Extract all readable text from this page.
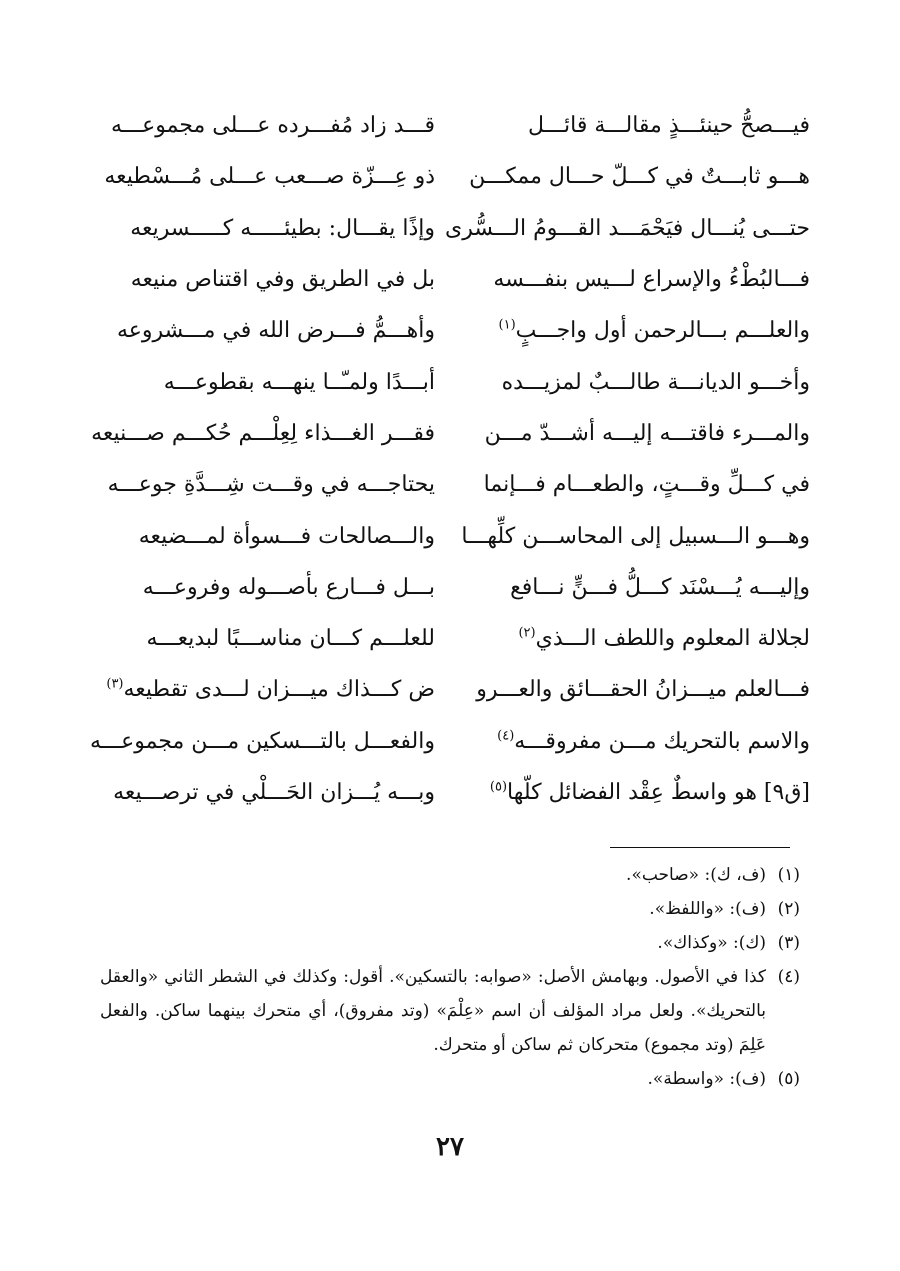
فيـــصحُّ حينئـــذٍ مقالـــة قائـــل
قـــد زاد مُفـــرده عـــلى مجموعـــه
هـــو ثابـــتٌ في كـــلّ حـــال ممكـــن
ذو عِـــزّة صـــعب عـــلى مُـــسْطيعه
حتـــى يُنـــال فيَحْمَـــد القـــومُ الـــسُّرى
وإذًا يقـــال: بطيئـــــه كـــــسريعه
فـــالبُطْءُ والإسراع لـــيس بنفـــسه
بل في الطريق وفي اقتناص منيعه
والعلـــم بـــالرحمن أول واجـــبٍ$^{(١)}$
وأهـــمُّ فـــرض الله في مـــشروعه
وأخـــو الديانـــة طالـــبٌ لمزيـــده
أبـــدًا ولمـّــا ينهـــه بقطوعـــه
والمـــرء فاقتـــه إليـــه أشـــدّ مـــن
فقـــر الغـــذاء لِعِلْـــم حُكـــم صـــنيعه
في كـــلِّ وقـــتٍ، والطعـــام فـــإنما
يحتاجـــه في وقـــت شِـــدَّةِ جوعـــه
وهـــو الـــسبيل إلى المحاســـن كلِّهـــا
والـــصالحات فـــسوأة لمـــضيعه
وإليـــه يُـــسْنَد كـــلُّ فـــنٍّ نـــافع
بـــل فـــارع بأصـــوله وفروعـــه
لجلالة المعلوم واللطف الـــذي$^{(٢)}$
للعلـــم كـــان مناســـبًا لبديعـــه
فـــالعلم ميـــزانُ الحقـــائق والعـــرو
ض كـــذاك ميـــزان لـــدى تقطيعه$^{(٣)}$
والاسم بالتحريك مـــن مفروقـــه$^{(٤)}$
والفعـــل بالتـــسكين مـــن مجموعـــه
[ق٩] هو واسطٌ عِقْد الفضائل كلّها$^{(٥)}$
وبـــه يُـــزان الحَـــلْي في ترصـــيعه
(١)
(ف، ك): «صاحب».
(٢)
(ف): «واللفظ».
(٣)
(ك): «وكذاك».
(٤)
كذا في الأصول. وبهامش الأصل: «صوابه: بالتسكين». أقول: وكذلك في الشطر الثاني «والعقل بالتحريك». ولعل مراد المؤلف أن اسم «عِلْمَ» (وتد مفروق)، أي متحرك بينهما ساكن. والفعل عَلِمَ (وتد مجموع) متحركان ثم ساكن أو متحرك.
(٥)
(ف): «واسطة».
٢٧
